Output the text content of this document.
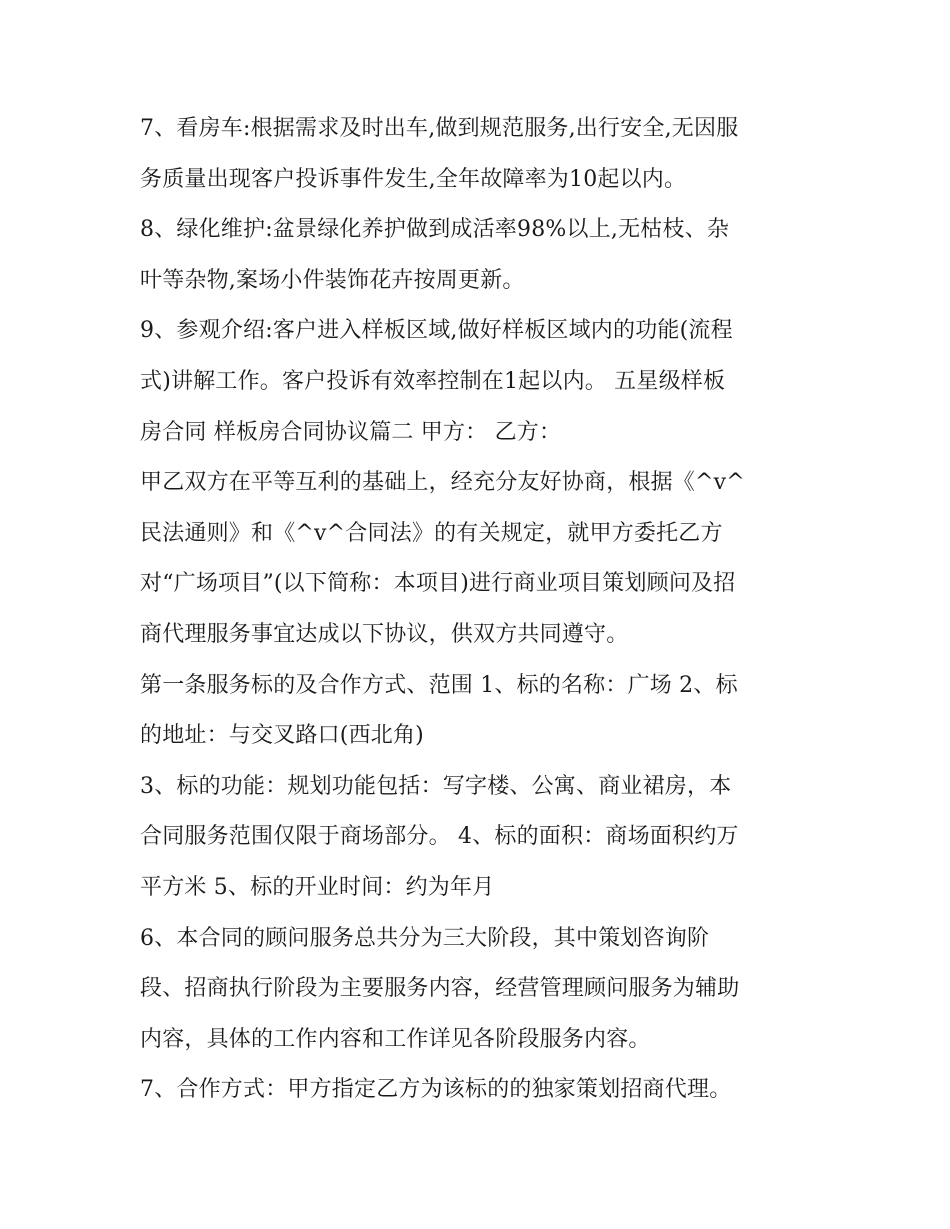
7、看房车:根据需求及时出车,做到规范服务,出行安全,无因服
务质量出现客户投诉事件发生,全年故障率为10起以内。
8、绿化维护:盆景绿化养护做到成活率98%以上,无枯枝、杂
叶等杂物,案场小件装饰花卉按周更新。
9、参观介绍:客户进入样板区域,做好样板区域内的功能(流程
式)讲解工作。客户投诉有效率控制在1起以内。 五星级样板
房合同 样板房合同协议篇二 甲方： 乙方：
甲乙双方在平等互利的基础上，经充分友好协商，根据《^v^
民法通则》和《^v^合同法》的有关规定，就甲方委托乙方
对“广场项目”(以下简称：本项目)进行商业项目策划顾问及招
商代理服务事宜达成以下协议，供双方共同遵守。
第一条服务标的及合作方式、范围 1、标的名称：广场 2、标
的地址：与交叉路口(西北角)
3、标的功能：规划功能包括：写字楼、公寓、商业裙房，本
合同服务范围仅限于商场部分。 4、标的面积：商场面积约万
平方米 5、标的开业时间：约为年月
6、本合同的顾问服务总共分为三大阶段，其中策划咨询阶
段、招商执行阶段为主要服务内容，经营管理顾问服务为辅助
内容，具体的工作内容和工作详见各阶段服务内容。
7、合作方式：甲方指定乙方为该标的的独家策划招商代理。
